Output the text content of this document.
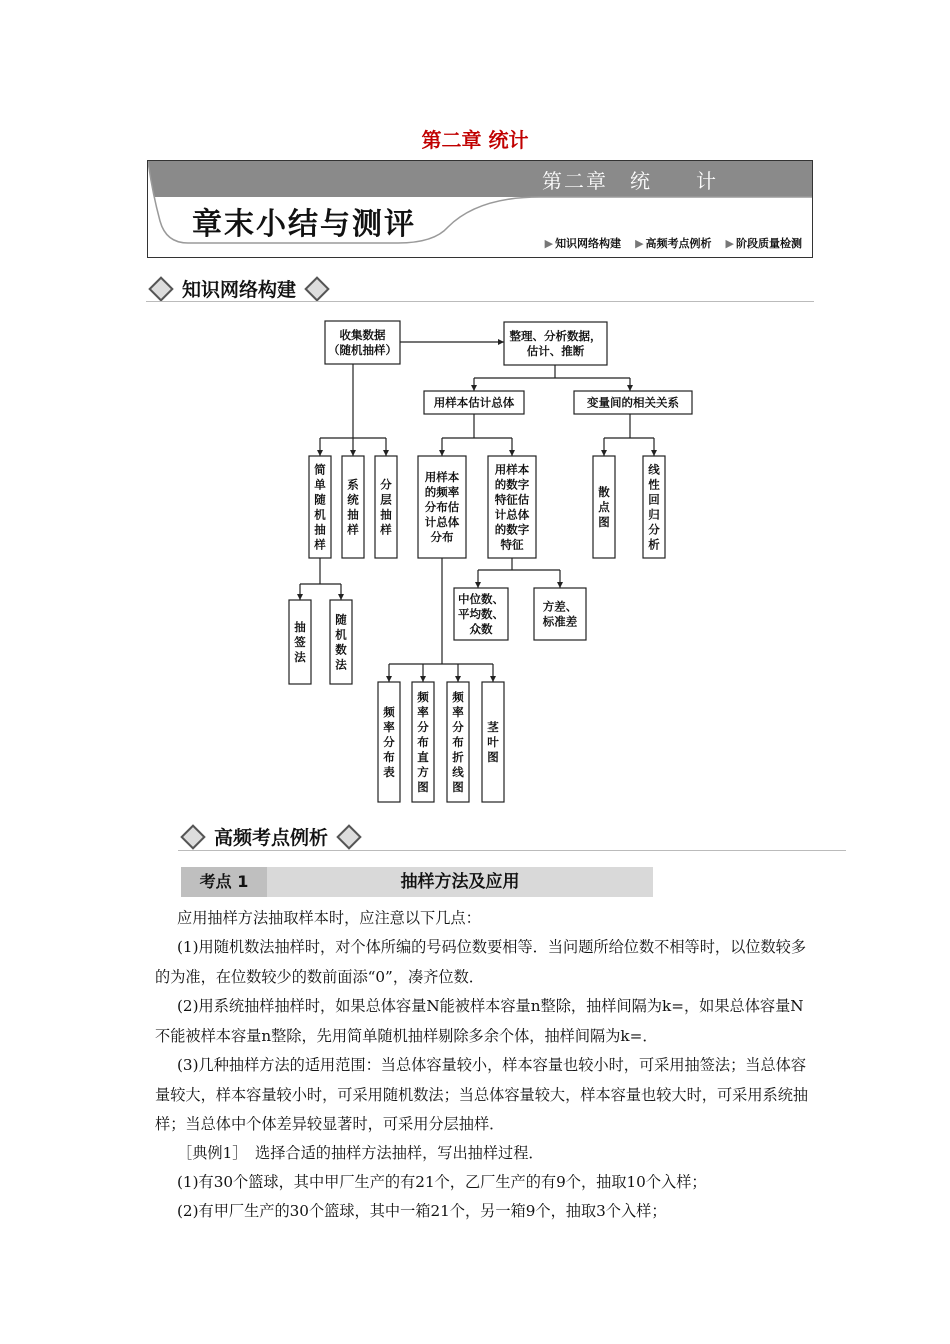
第二章 统计
第二章　统　　计
章末小结与测评
▶ 知识网络构建 ▶ 高频考点例析 ▶ 阶段质量检测
知识网络构建
收集数据（随机抽样）
整理、分析数据，估计、推断
用样本估计总体	变量间的相关关系
简单随机抽样
系统抽样
分层抽样
用样本的频率分布估计总体分布
用样本的数字特征估计总体的数字特征
散点图
线性回归分析
抽签法
随机数法
中位数、平均数、众数
方差、标准差
频率分布表
频率分布直方图
频率分布折线图
茎叶图
高频考点例析
考点 1	抽样方法及应用
应用抽样方法抽取样本时，应注意以下几点：
(1)用随机数法抽样时，对个体所编的号码位数要相等．当问题所给位数不相等时，以位数较多的为准，在位数较少的数前面添“0”，凑齐位数．
(2)用系统抽样抽样时，如果总体容量N能被样本容量n整除，抽样间隔为k=，如果总体容量N不能被样本容量n整除，先用简单随机抽样剔除多余个体，抽样间隔为k=．
(3)几种抽样方法的适用范围：当总体容量较小，样本容量也较小时，可采用抽签法；当总体容量较大，样本容量较小时，可采用随机数法；当总体容量较大，样本容量也较大时，可采用系统抽样；当总体中个体差异较显著时，可采用分层抽样．
［典例1］　选择合适的抽样方法抽样，写出抽样过程．
(1)有30个篮球，其中甲厂生产的有21个，乙厂生产的有9个，抽取10个入样；
(2)有甲厂生产的30个篮球，其中一箱21个，另一箱9个，抽取3个入样；
